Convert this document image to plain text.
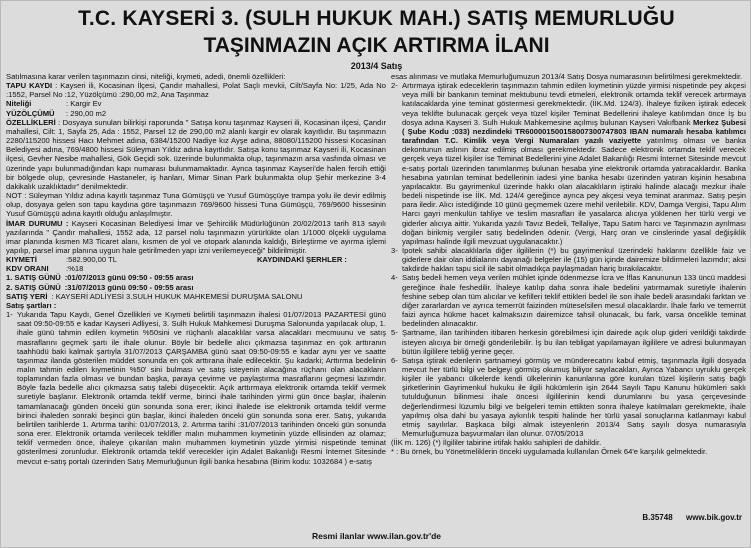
T.C. KAYSERİ 3. (SULH HUKUK MAH.) SATIŞ MEMURLUĞU
TAŞINMAZIN AÇIK ARTIRMA İLANI
2013/4 Satış

Satılmasına karar verilen taşınmazın cinsi, niteliği, kıymeti, adedi, önemli özellikleri:

TAPU KAYDI : Kayseri ili, Kocasinan İlçesi, Çandır mahallesi, Polat Saçlı mevkii, Cilt/Sayfa No: 1/25, Ada No :1552, Parsel No :12, Yüzölçümü :290,00 m2, Ana Taşınmaz

Niteliği	: Kargir Ev
YÜZÖLÇÜMÜ	: 290,00 m2

ÖZELLİKLERİ : Dosyaya sunulan bilirkişi raporunda " Satışa konu taşınmaz Kayseri ili, Kocasinan ilçesi, Çandır mahallesi, Cilt: 1, Sayfa 25, Ada : 1552, Parsel 12 de 290,00 m2 alanlı kargir ev olarak kayıtlıdır. Bu taşınmazın 2280/115200 hissesi Hacı Mehmet adına, 6384/15200 Nadiye kız Ayşe adına, 88080/115200 hissesi Kocasinan Belediyesi adına, 769/4800 hissesi Süleyman Yıldız adına kayıtlıdır. Satışa konu taşınmaz Kayseri ili, Kocasinan ilçesi, Gevher Nesibe mahallesi, Gök Geçidi sok. üzerinde bulunmakta olup, taşınmazın arsa vasfında olması ve üzerinde yapı bulunmadığından kapı numarası bulunmamaktadır. Aynca taşınmaz Kayseri'de halen fercih ettiği bir bölgede olup, çevresinde Hastaneler, iş hanları, Mimar Sinan Park bulunmakta olup Şehir merkezine 3-4 dakikalık uzaklıktadır" denilmektedir.

NOT : Süleyman Yıldız adına kayıtlı taşınmaz Tuna Gümüşçü ve Yusuf Gümüşçüye trampa yolu ile devir edilmiş olup, dosyaya gelen son tapu kaydına göre taşınmazın 769/9600 hissesi Tuna Gümüşçü, 769/9600 hissesinin Yusuf Gümüşçü adına kayıtlı olduğu anlaşılmıştır.

İMAR DURUMU : Kayseri Kocasinan Belediyesi İmar ve Şehircilik Müdürlüğünün 20/02/2013 tarih 813 sayılı yazılarında " Çandır mahallesi, 1552 ada, 12 parsel nolu taşınmazın yürürlükte olan 1/1000 ölçekli uygulama imar planında kısmen M3 Ticaret alanı, kısmen de yol ve otopark alanında kaldığı, Birleştirme ve ayırma işlemi yapılıp, parsel imar planına uygun hale getirilmeden yapı izni verilemeyeceği" bildirilmiştir.

KIYMETİ	:582.900,00 TL	KAYDINDAKİ ŞERHLER :
KDV ORANI	:%18
1. SATIŞ GÜNÜ :01/07/2013 günü 09:50 - 09:55 arası
2. SATIŞ GÜNÜ :31/07/2013 günü 09:50 - 09:55 arası
SATIŞ YERİ : KAYSERİ ADLİYESİ 3.SULH HUKUK MAHKEMESİ DURUŞMA SALONU

Satış şartları :

1- Yukarıda Tapu Kaydı, Genel Özellikleri ve Kıymeti belirtili taşınmazın ihalesi 01/07/2013 PAZARTESİ günü saat 09:50-09:55 e kadar Kayseri Adliyesi, 3. Sulh Hukuk Mahkemesi Duruşma Salonunda yapılacak olup, 1. ihale günü tahmin edilen kıymetin %50sini ve rüçhanlı alacaklılar varsa alacakları mecmuunu ve satış masraflarını geçmek şartı ile ihale olunur. Böyle bir bedelle alıcı çıkmazsa taşınmaz en çok arttıranın taahhüdü baki kalmak şartıyla 31/07/2013 ÇARŞAMBA günü saat 09:50-09:55 e kadar aynı yer ve saatte taşınmaz ilanda gösterilen müddet sonunda en çok arttırana ihale edilecektir. Şu kadarki; Arttırma bedelinin malın tahmin edilen kıymetinin %50' sini bulması ve satış isteyenin alacağına rüçhanı olan alacakların toplamından fazla olması ve bundan başka, paraya çevirme ve paylaştırma masraflarını geçmesi lazımdır. Böyle fazla bedelle alıcı çıkmazsa satış talebi düşecektir. Açık arttırmaya elektronik ortamda teklif vermek suretiyle başlanır. Elektronik ortamda teklif verme, birinci ihale tarihinden yirmi gün önce başlar, ihalenin tamamlanacağı günden önceki gün sonunda sona erer; ikinci ihalede ise elektronik ortamda teklif verme birinci ihaleden sonraki beşinci gün başlar, ikinci ihaleden önceki gün sonunda sona erer. Satış, yukarıda belirtilen tarihlerde 1. Artırma tarihi: 01/07/2013, 2. Artırma tarihi :31/07/2013 tarihinden önceki gün sonunda sona erer. Elektronik ortamda verilecek teklifler malın muhammen kıymetinin yüzde ellisinden az olamaz; teklif vermeden önce, ihaleye çıkarılan malın muhammen kıymetinin yüzde yirmisi nispetinde teminat gösterilmesi zorunludur. Elektronik ortamda teklif verecekler için Adalet Bakanlığı Resmi İnternet Sitesinde mevcut e-satış portalı üzerinden Satış Memurluğunun ilgili banka hesabına (Birim kodu: 1032684 ) e-satış

esas alınması ve mutlaka Memurluğumuzun 2013/4 Satış Dosya numarasının belirtilmesi gerekmektedir.

2- Artırmaya iştirak edeceklerin taşınmazın tahmin edilen kıymetinin yüzde yirmisi nispetinde pey akçesi veya milli bir bankanın teminat mektubunu tevdi etmeleri, elektronik ortamda teklif verecek artırmaya katılacaklarda yine teminat göstermesi gerekmektedir. (İİK.Md. 124/3). İhaleye fiziken iştirak edecek veya teklifte bulunacak gerçek veya tüzel kişiler Teminat Bedellerini ihaleye katılımdan önce İş bu dosya adına Kayseri 3. Sulh Hukuk Mahkemesine açılmış bulunan Kayseri Vakıfbank Merkez Şubesi ( Şube Kodu :033) nezdindeki TR600001500158007300747803 IBAN numaralı hesaba katılımcı tarafından T.C. Kimlik veya Vergi Numaraları yazılı vaziyette yatırılmış olması ve banka dekontunun aslının ibraz edilmiş olması gerekmektedir. Sadece elektronik ortamda teklif verecek gerçek veya tüzel kişiler ise Teminat Bedellerini yine Adalet Bakanlığı Resmi İnternet Sitesinde mevcut e-satış portalı üzerinden tanımlanmış bulunan hesaba yine elektronik ortamda yatıracaklardır. Banka hesabına yatırılan teminat bedellerinin iadesi yine banka hesabı üzerinden yatıran kişinin hesabına yapılacaktır. Bu gayrimenkul üzerinde hakkı olan alacaklıların iştiraki halinde alacağı mezkur ihale bedeli nispetinde ise İİK. Md. 124/4 gereğince ayrıca pey akçesi veya teminat aranmaz. Satış peşin para iledir. Alıcı istediğinde 10 günü geçmemek üzere mehil verilebilir. KDV, Damga Vergisi, Tapu Alım Harcı gayri menkulün tahliye ve teslim masrafları ile yasalarca alıcıya yüklenen her türlü vergi ve giderler alıcıya aittir. Yukarıda yazılı Tavız Bedeli, Tellaliye, Tapu Satım harcı ve Taşınmazın ayrılması doğan birikmiş vergiler satış bedelinden ödenir. (Vergi, Harç oran ve cinslerinde yasal değişiklik yapılması halinde ilgili mevzuat uygulanacaktır.)
3- İpotek sahibi alacaklılarla diğer ilgililerin (*) bu gayrimenkul üzerindeki haklarını özellikle faiz ve giderlere dair olan iddialarını dayanağı belgeler ile (15) gün içinde dairemize bildirmeleri lazımdır; aksi takdirde hakları tapu sicil ile sabit olmadıkça paylaşmadan hariç bırakılacaktır.
4- Satış bedeli hemen veya verilen mühlet içinde ödenmezse İcra ve İflas Kanununun 133 üncü maddesi gereğince ihale feshedilir. İhaleye katılıp daha sonra ihale bedelini yatırmamak suretiyle ihalenin feshine sebep olan tüm alıcılar ve kefilleri teklif ettikleri bedel ile son ihale bedeli arasındaki farktan ve diğer zararlardan ve ayrıca temerrüt faizinden müteselsilen mesul olacaklardır. İhale farkı ve temerrüt faizi ayrıca hükme hacet kalmaksızın dairemizce tahsil olunacak, bu fark, varsa öncelikle teminat bedelinden alınacaktır.
5- Şartname, ilan tarihinden itibaren herkesin görebilmesi için dairede açık olup gideri verildiği takdirde isteyen alıcıya bir örneği gönderilebilir. İş bu ilan tebligat yapılamayan ilgililere ve adresi bulunmayan bütün ilgililere tebliğ yerine geçer.
6- Satışa iştirak edenlerin şartnameyi görmüş ve münderecatını kabul etmiş, taşınmazla ilgili dosyada mevcut her türlü bilgi ve belgeyi görmüş okumuş biliyor sayılacakları, Ayrıca Yabancı uyruklu gerçek kişiler ile yabancı ülkelerde kendi ülkelerinin kanunlarına göre kurulan tüzel kişilerin satış bağlı şirketlerinin Gayrimenkul hukuku ile ilgili hükümlerin işin 2644 Sayılı Tapu Kanunu hükümleri saklı tutulduğunun bilinmesi ihale öncesi ilgililerinin kendi durumlarını bu yasa çerçevesinde değerlendirmesi lüzumlu bilgi ve belgeleri temin ettikten sonra ihaleye katılmaları gerekmekte, ihale yapılmış olsa dahi bu yasaya aykırılık tespiti halinde her türlü yasal sonuçlarına katlanmayı kabul etmiş sayılırlar. Başkaca bilgi almak isteyenlerin 2013/4 Satış sayılı dosya numarasıyla Memurluğumuza başvurmaları ilan olunur. 07/05/2013

(İİK m. 126) (*) İlgililer tabirine irtifak hakkı sahipleri de dahildir.

* : Bu örnek, bu Yönetmeliklerin önceki uygulamada kullanılan Örnek 64'e karşılık gelmektedir.

B.35748 www.bik.gov.tr
Resmi ilanlar www.ilan.gov.tr'de
